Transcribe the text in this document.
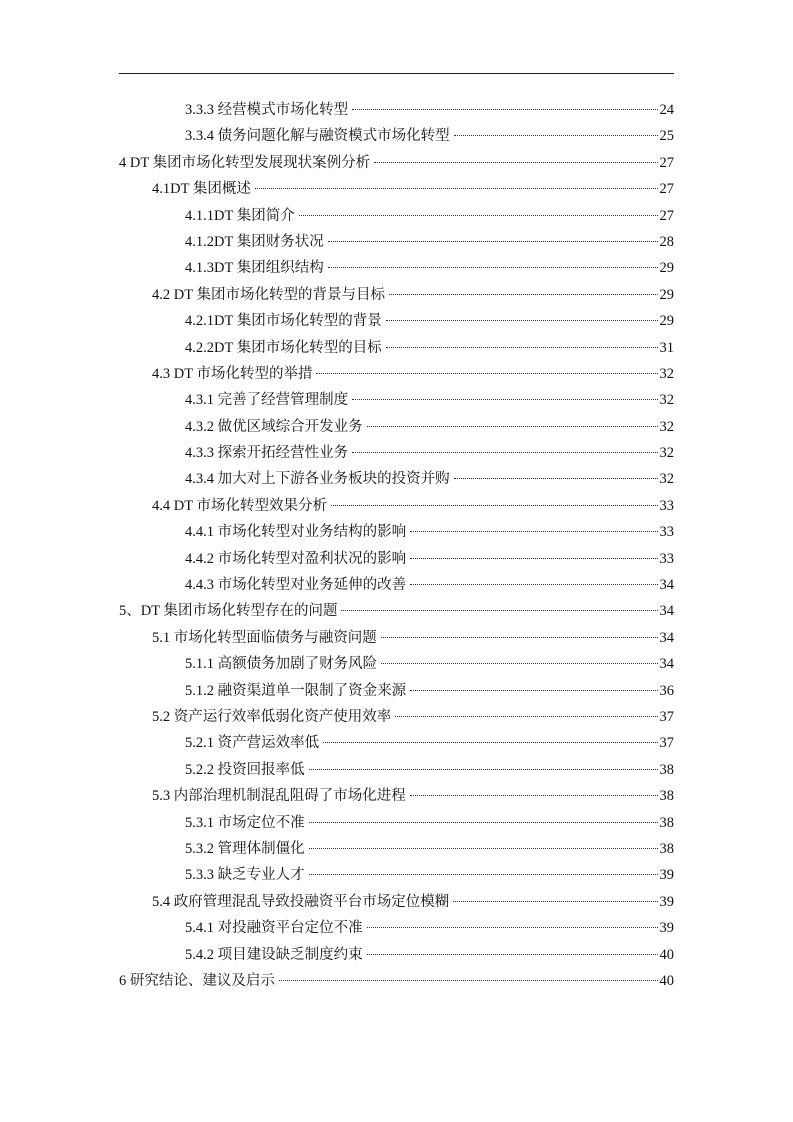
3.3.3 经营模式市场化转型	24
3.3.4 债务问题化解与融资模式市场化转型	25
4 DT 集团市场化转型发展现状案例分析	27
4.1DT 集团概述	27
4.1.1DT 集团简介	27
4.1.2DT 集团财务状况	28
4.1.3DT 集团组织结构	29
4.2 DT 集团市场化转型的背景与目标	29
4.2.1DT 集团市场化转型的背景	29
4.2.2DT 集团市场化转型的目标	31
4.3 DT 市场化转型的举措	32
4.3.1 完善了经营管理制度	32
4.3.2 做优区域综合开发业务	32
4.3.3 探索开拓经营性业务	32
4.3.4 加大对上下游各业务板块的投资并购	32
4.4 DT 市场化转型效果分析	33
4.4.1 市场化转型对业务结构的影响	33
4.4.2 市场化转型对盈利状况的影响	33
4.4.3 市场化转型对业务延伸的改善	34
5、DT 集团市场化转型存在的问题	34
5.1 市场化转型面临债务与融资问题	34
5.1.1 高额债务加剧了财务风险	34
5.1.2 融资渠道单一限制了资金来源	36
5.2 资产运行效率低弱化资产使用效率	37
5.2.1 资产营运效率低	37
5.2.2 投资回报率低	38
5.3 内部治理机制混乱阻碍了市场化进程	38
5.3.1 市场定位不准	38
5.3.2 管理体制僵化	38
5.3.3 缺乏专业人才	39
5.4 政府管理混乱导致投融资平台市场定位模糊	39
5.4.1 对投融资平台定位不准	39
5.4.2 项目建设缺乏制度约束	40
6 研究结论、建议及启示	40
